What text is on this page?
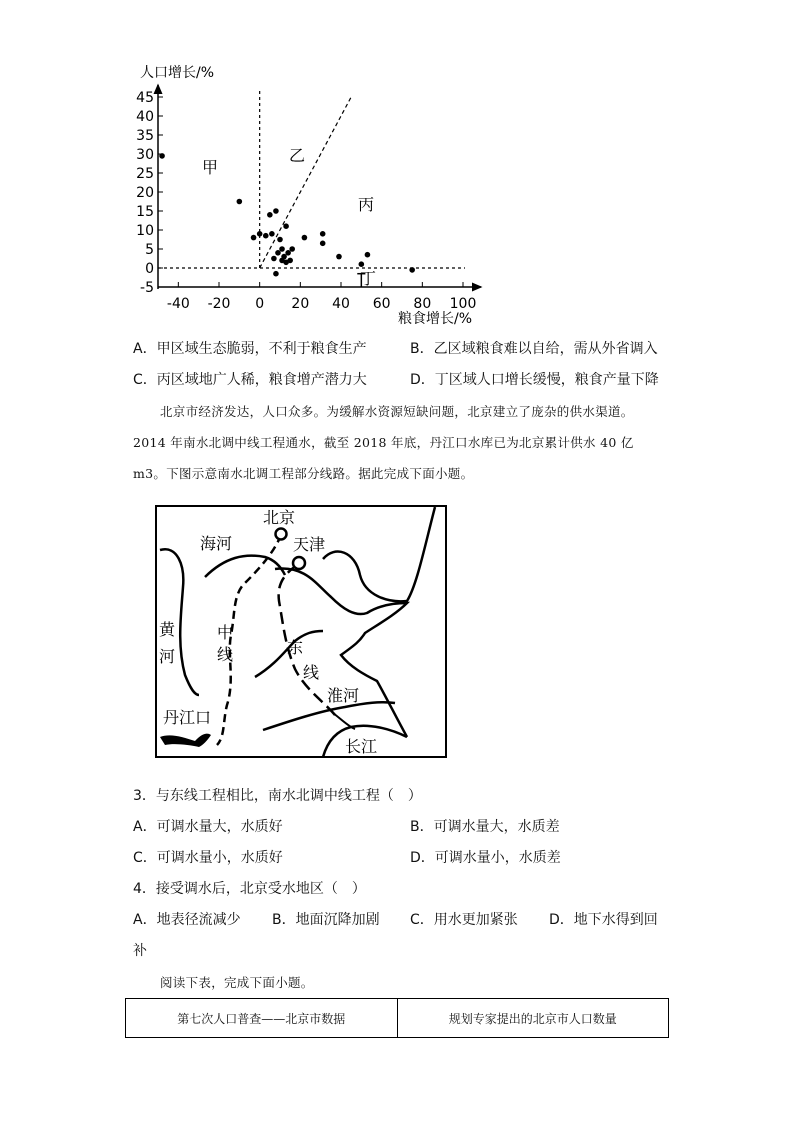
45
40
35
30
25
20
15
10
5
0
-5
-40 -20 0 20 40 60 80 100
人口增长/%
粮食增长/%
甲
乙
丙
丁
A．甲区域生态脆弱，不利于粮食生产	B．乙区域粮食难以自给，需从外省调入
C．丙区域地广人稀，粮食增产潜力大	D．丁区域人口增长缓慢，粮食产量下降
北京市经济发达，人口众多。为缓解水资源短缺问题，北京建立了庞杂的供水渠道。
2014 年南水北调中线工程通水，截至 2018 年底，丹江口水库已为北京累计供水 40 亿
m3。下图示意南水北调工程部分线路。据此完成下面小题。
北京
天津
海河
黄
河
中
线	东
线
淮河
丹江口
长江
3．与东线工程相比，南水北调中线工程（　）
A．可调水量大，水质好	B．可调水量大，水质差
C．可调水量小，水质好	D．可调水量小，水质差
4．接受调水后，北京受水地区（　）
A．地表径流减少 B．地面沉降加剧 C．用水更加紧张 D．地下水得到回
补
阅读下表，完成下面小题。
第七次人口普查——北京市数据	规划专家提出的北京市人口数量
